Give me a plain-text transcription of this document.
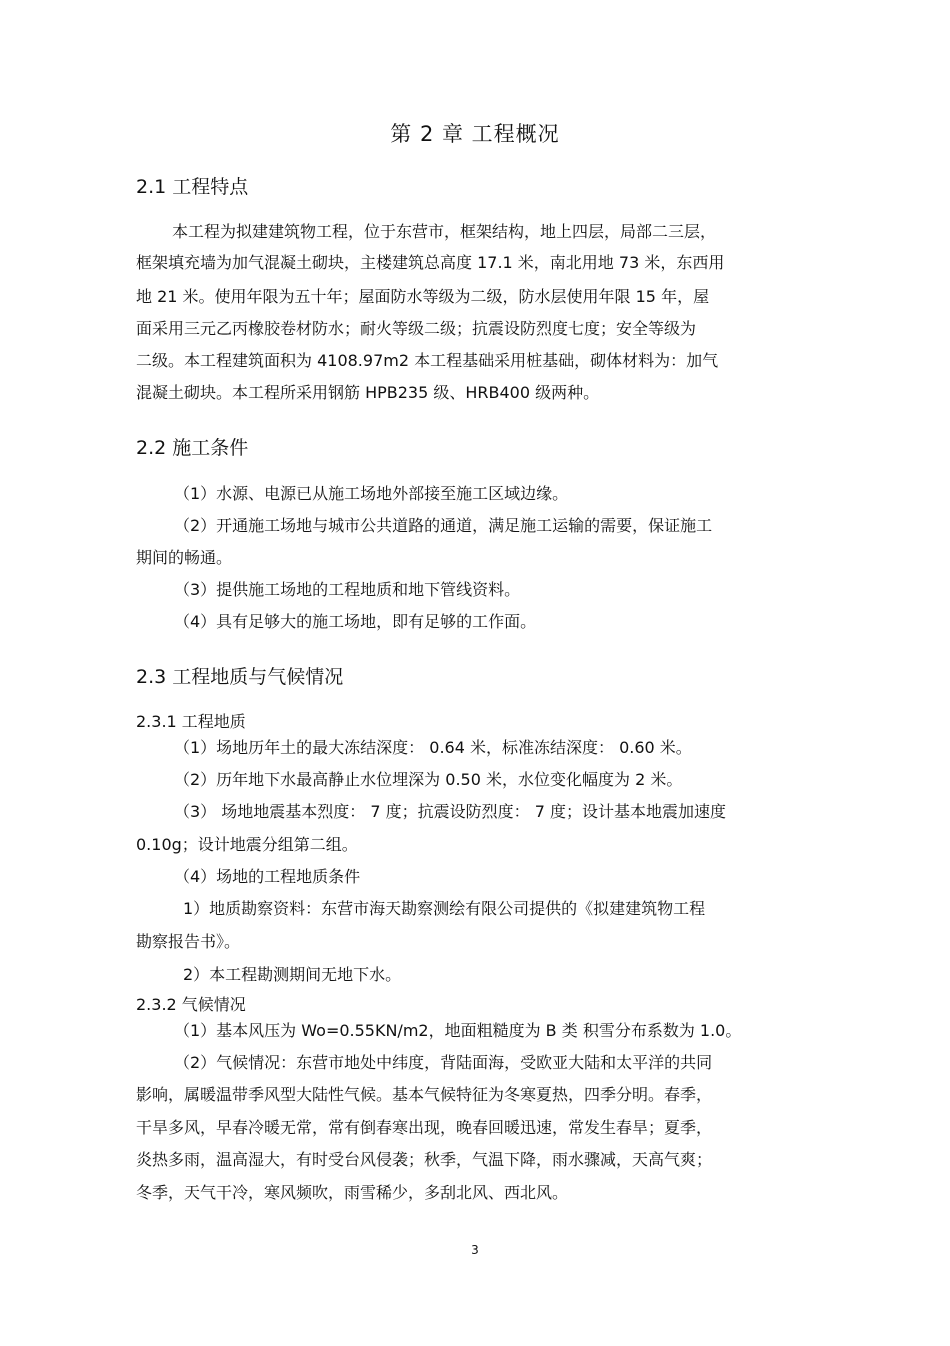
第 2 章 工程概况
2.1 工程特点
本工程为拟建建筑物工程，位于东营市，框架结构，地上四层，局部二三层，
框架填充墙为加气混凝土砌块，主楼建筑总高度 17.1 米，南北用地 73 米，东西用
地 21 米。使用年限为五十年；屋面防水等级为二级，防水层使用年限 15 年，屋
面采用三元乙丙橡胶卷材防水；耐火等级二级；抗震设防烈度七度；安全等级为
二级。本工程建筑面积为 4108.97m2 本工程基础采用桩基础，砌体材料为：加气
混凝土砌块。本工程所采用钢筋 HPB235 级、HRB400 级两种。
2.2 施工条件
（1）水源、电源已从施工场地外部接至施工区域边缘。
（2）开通施工场地与城市公共道路的通道，满足施工运输的需要，保证施工
期间的畅通。
（3）提供施工场地的工程地质和地下管线资料。
（4）具有足够大的施工场地，即有足够的工作面。
2.3 工程地质与气候情况
2.3.1 工程地质
（1）场地历年土的最大冻结深度： 0.64 米，标准冻结深度： 0.60 米。
（2）历年地下水最高静止水位埋深为 0.50 米，水位变化幅度为 2 米。
（3） 场地地震基本烈度： 7 度；抗震设防烈度： 7 度；设计基本地震加速度
0.10g；设计地震分组第二组。
（4）场地的工程地质条件
1）地质勘察资料：东营市海天勘察测绘有限公司提供的《拟建建筑物工程
勘察报告书》。
2）本工程勘测期间无地下水。
2.3.2 气候情况
（1）基本风压为 Wo=0.55KN/m2，地面粗糙度为 B 类 积雪分布系数为 1.0。
（2）气候情况：东营市地处中纬度，背陆面海，受欧亚大陆和太平洋的共同
影响，属暖温带季风型大陆性气候。基本气候特征为冬寒夏热，四季分明。春季，
干旱多风，早春冷暖无常，常有倒春寒出现，晚春回暖迅速，常发生春旱；夏季，
炎热多雨，温高湿大，有时受台风侵袭；秋季，气温下降，雨水骤减，天高气爽；
冬季，天气干冷，寒风频吹，雨雪稀少，多刮北风、西北风。
3
